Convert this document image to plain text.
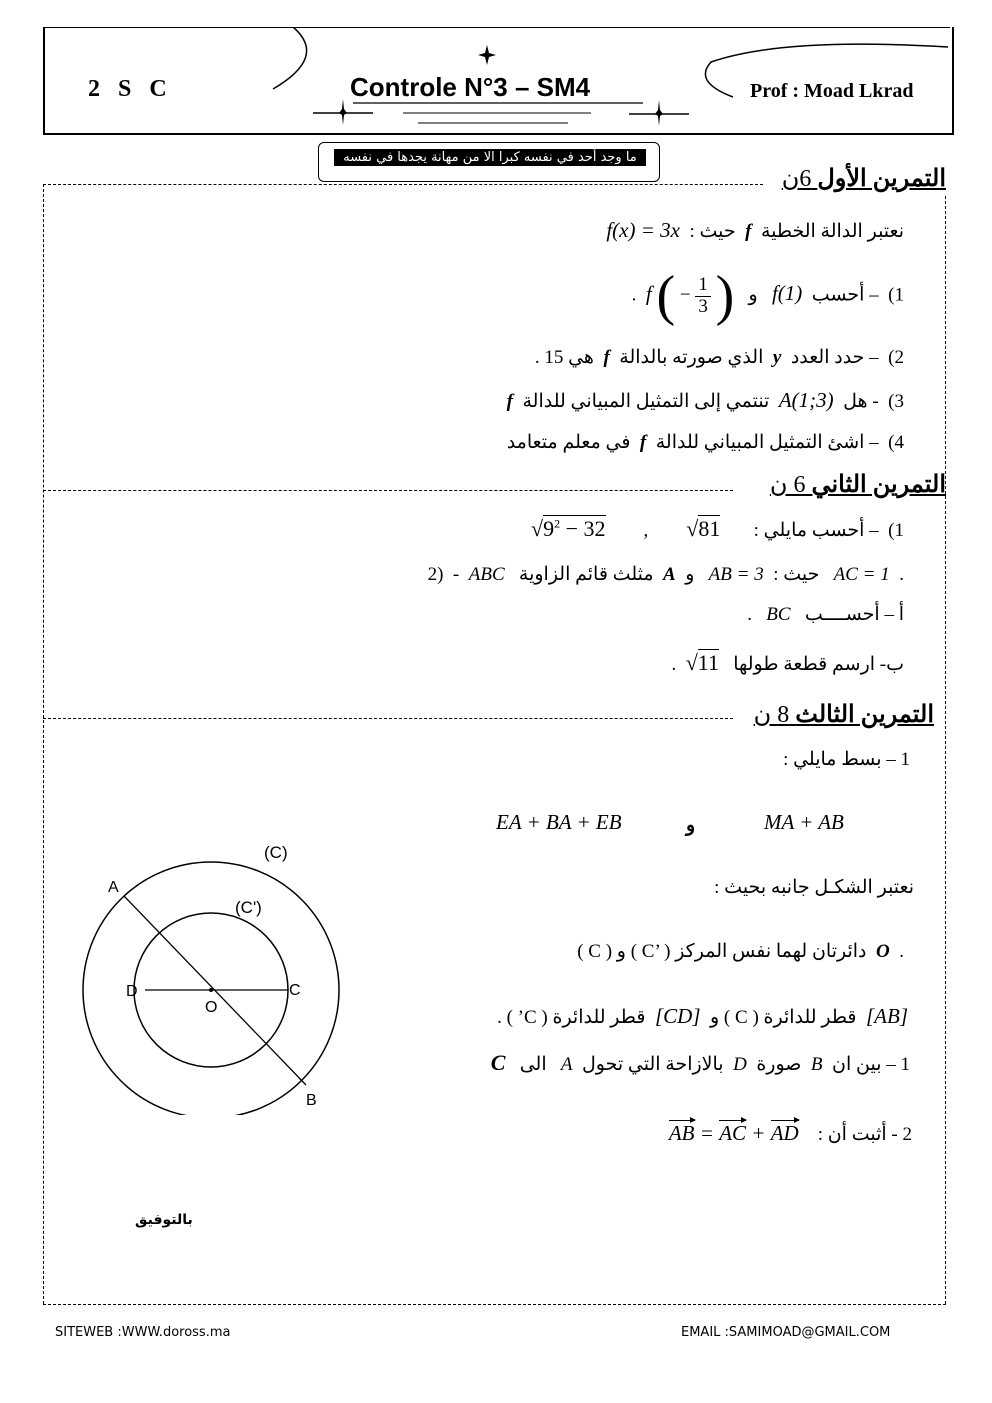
2 S C	Controle N°3 – SM4	Prof : Moad Lkrad
ما وجد أحد في نفسه كبرا الا من مهانة يجدها في نفسه
التمرين الأول 6ن
نعتبر الدالة الخطية  f  حيث :  f(x) = 3x
1)  – أحسب  f(1)   و   f ( − $\frac{1}{3}$ )  .
2)  – حدد العدد  y  الذي صورته بالدالة  f  هي 15 .
3)  - هل  A(1;3)  تنتمي إلى التمثيل المبياني للدالة  f
4)  – اشئ التمثيل المبياني للدالة  f  في معلم متعامد
التمرين الثاني 6 ن
1)  – أحسب مايلي :       √81        ,        $√9^2 - 32$
2) - ABC مثلث قائم الزاوية A	حيث :  AB = 3   و	AC = 1 .
أ – أحســــب   BC   .
ب- ارسم قطعة طولها   √11  .
التمرين الثالث 8 ن
1 – بسط مايلي :
EA + BA + EB	و	MA + AB
نعتبر الشكـل جانبه بحيث :
( C ) و ( C’ ) دائرتان لهما نفس المركز O .
[AB]  قطر للدائرة ( C ) و  [CD]  قطر للدائرة ( C’ ) .
1 – بين ان  B  صورة  D  بالازاحة التي تحول  A   الى   C
2 - أثبت أن :    AB = AC + AD
(C)
(C')
A
B
C
D
O
بالتوفيق
SITEWEB :WWW.doross.ma	EMAIL :SAMIMOAD@GMAIL.COM
